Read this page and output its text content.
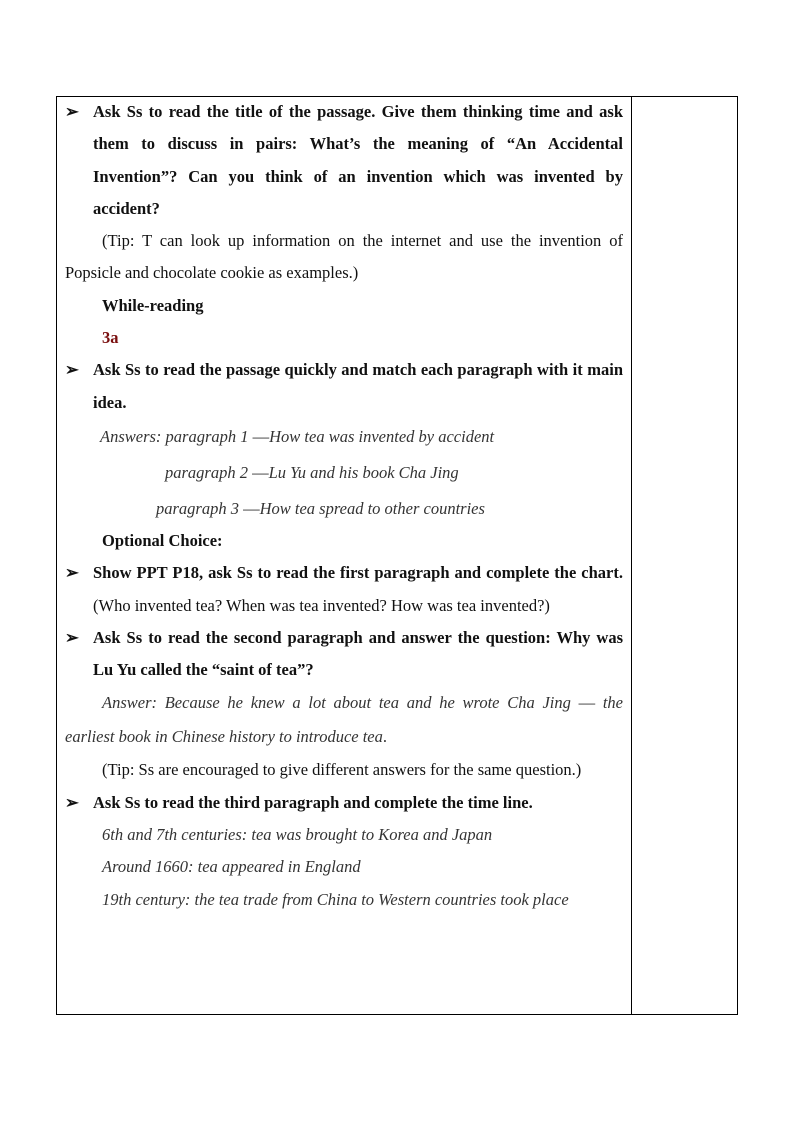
➢ Ask Ss to read the title of the passage. Give them thinking time and ask them to discuss in pairs: What’s the meaning of “An Accidental Invention”? Can you think of an invention which was invented by accident?
(Tip: T can look up information on the internet and use the invention of Popsicle and chocolate cookie as examples.)
While-reading
3a
➢ Ask Ss to read the passage quickly and match each paragraph with it main idea.
Answers: paragraph 1 —How tea was invented by accident
paragraph 2 —Lu Yu and his book Cha Jing
paragraph 3 —How tea spread to other countries
Optional Choice:
➢ Show PPT P18, ask Ss to read the first paragraph and complete the chart. (Who invented tea? When was tea invented? How was tea invented?)
➢ Ask Ss to read the second paragraph and answer the question: Why was Lu Yu called the “saint of tea”?
Answer: Because he knew a lot about tea and he wrote Cha Jing — the earliest book in Chinese history to introduce tea.
(Tip: Ss are encouraged to give different answers for the same question.)
➢ Ask Ss to read the third paragraph and complete the time line.
6th and 7th centuries: tea was brought to Korea and Japan
Around 1660: tea appeared in England
19th century: the tea trade from China to Western countries took place
